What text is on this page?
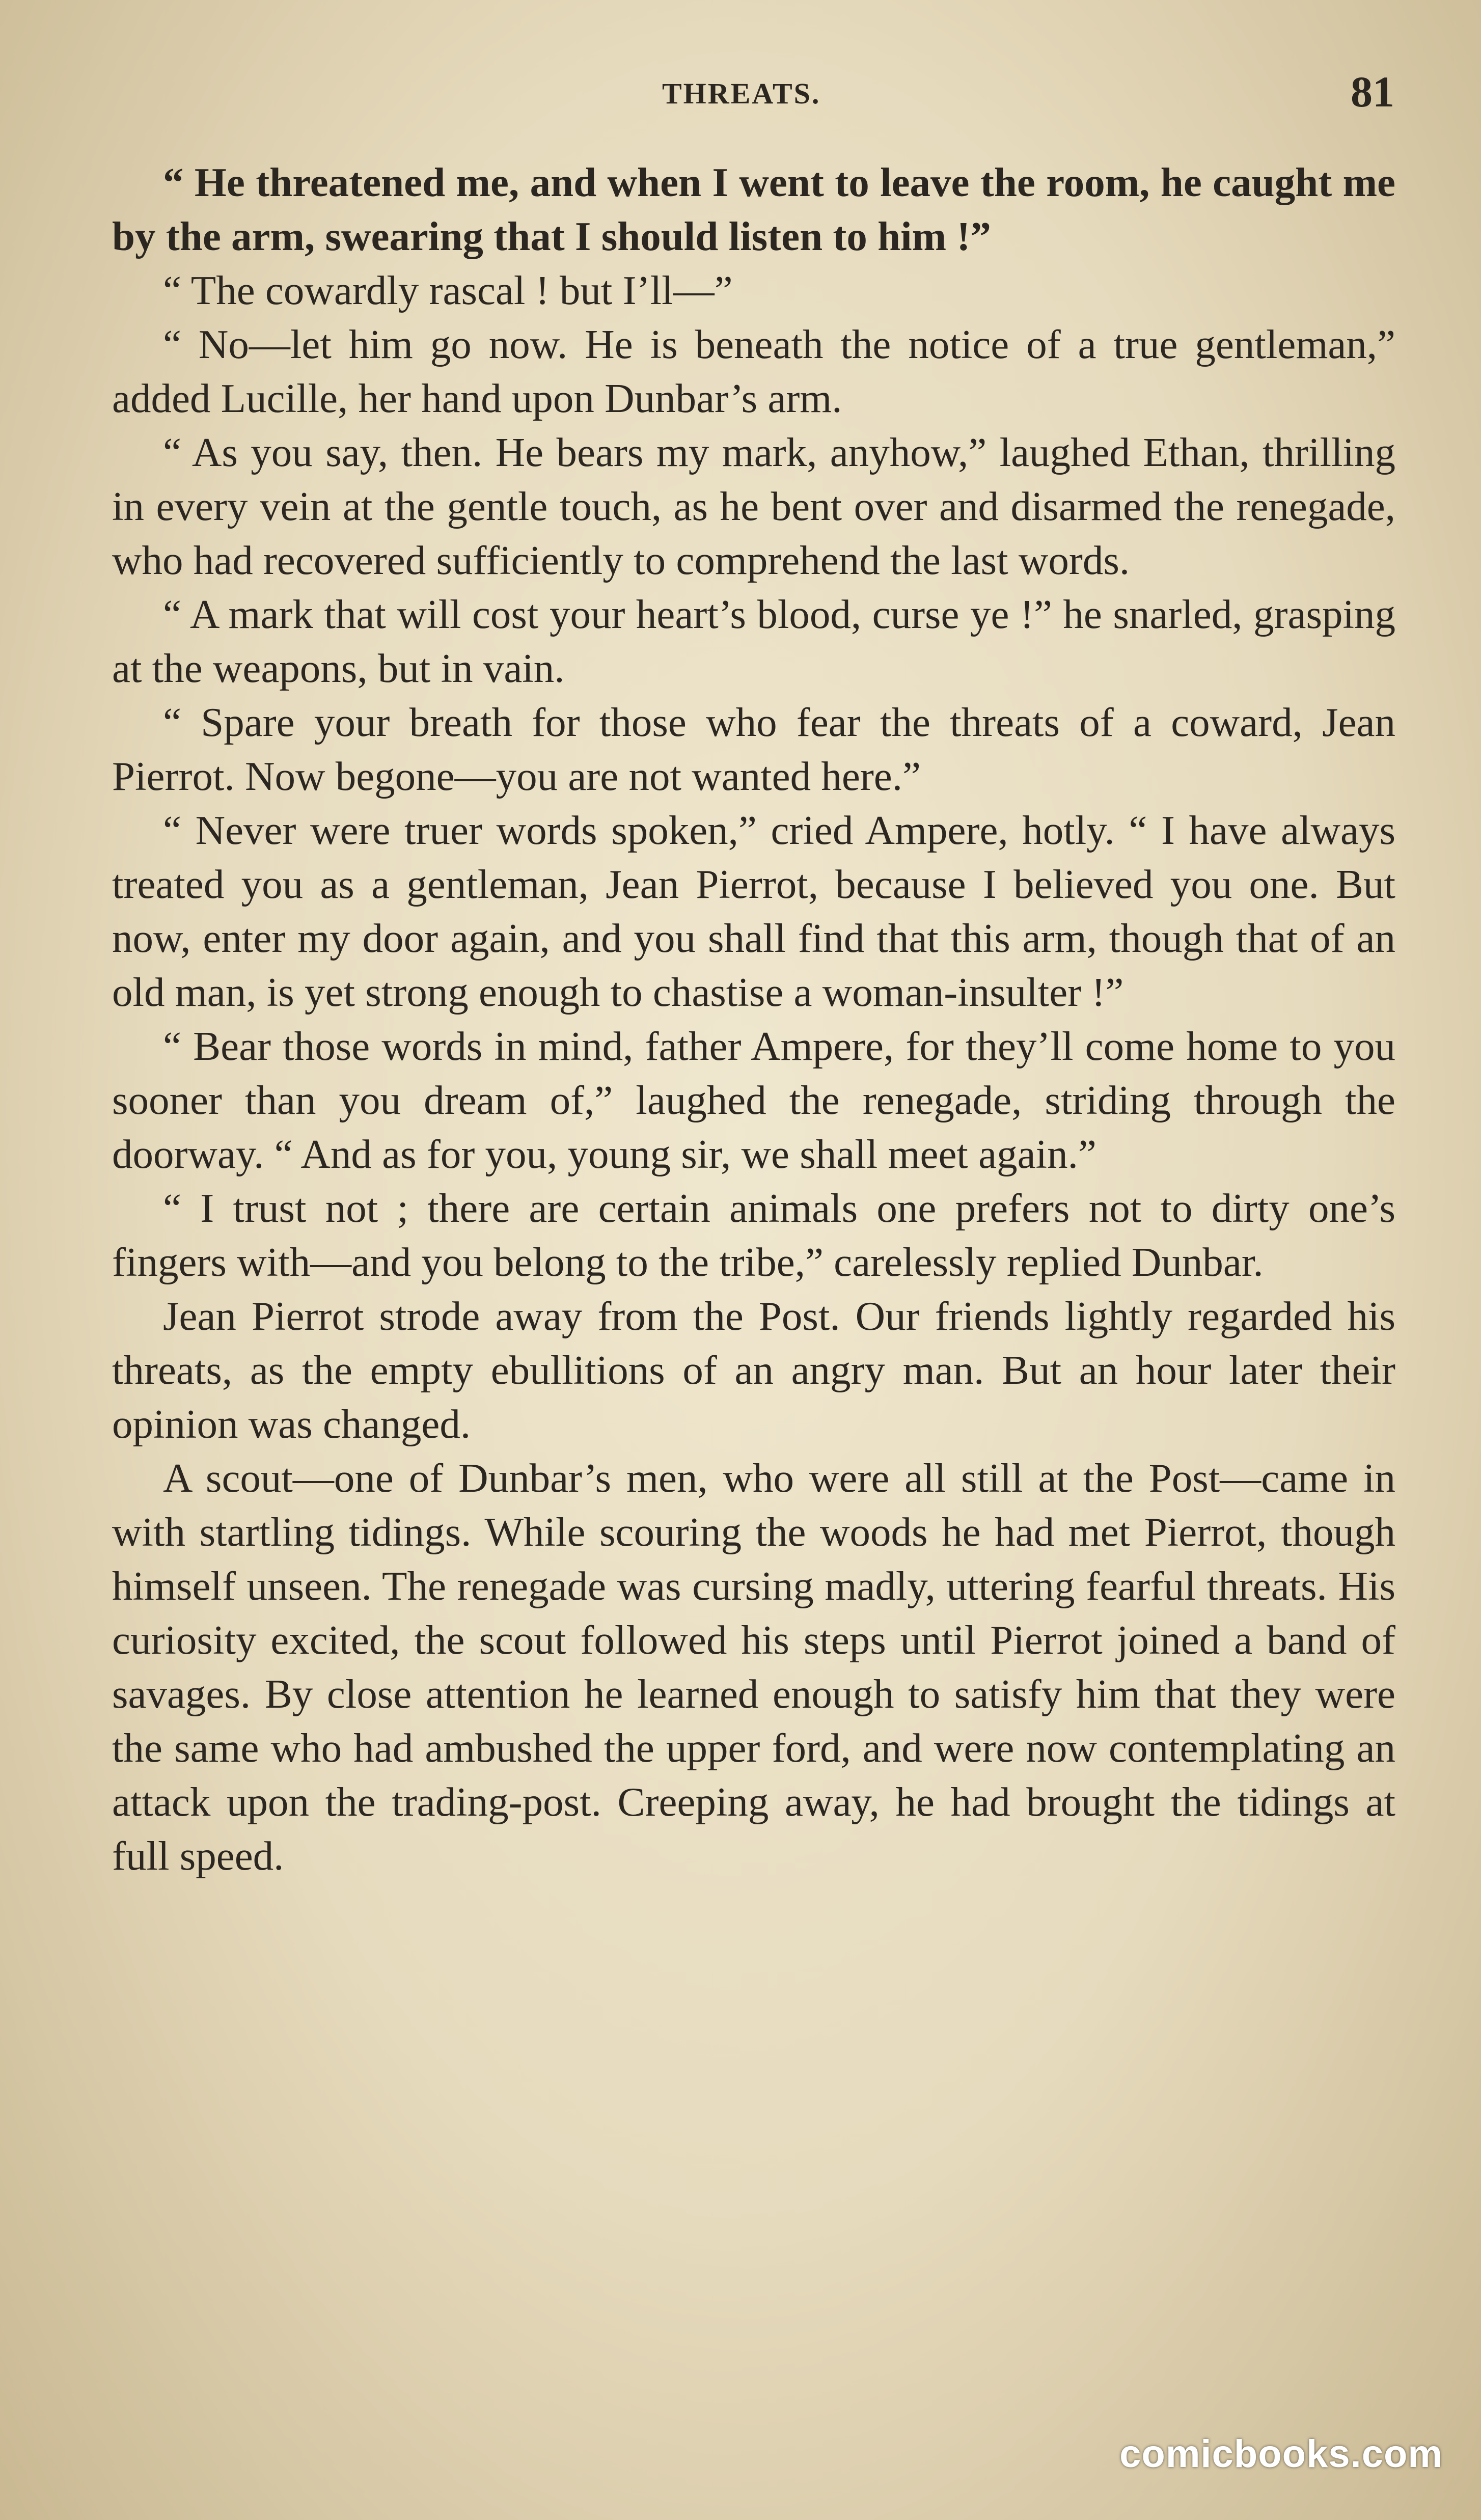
THREATS.	81

“ He threatened me, and when I went to leave the room, he caught me by the arm, swearing that I should listen to him !”

“ The cowardly rascal ! but I’ll—”

“ No—let him go now. He is beneath the notice of a true gentleman,” added Lucille, her hand upon Dunbar’s arm.

“ As you say, then. He bears my mark, anyhow,” laughed Ethan, thrilling in every vein at the gentle touch, as he bent over and disarmed the renegade, who had recovered sufficiently to comprehend the last words.

“ A mark that will cost your heart’s blood, curse ye !” he snarled, grasping at the weapons, but in vain.

“ Spare your breath for those who fear the threats of a coward, Jean Pierrot. Now begone—you are not wanted here.”

“ Never were truer words spoken,” cried Ampere, hotly. “ I have always treated you as a gentleman, Jean Pierrot, because I believed you one. But now, enter my door again, and you shall find that this arm, though that of an old man, is yet strong enough to chastise a woman-insulter !”

“ Bear those words in mind, father Ampere, for they’ll come home to you sooner than you dream of,” laughed the renegade, striding through the doorway. “ And as for you, young sir, we shall meet again.”

“ I trust not ; there are certain animals one prefers not to dirty one’s fingers with—and you belong to the tribe,” carelessly replied Dunbar.

Jean Pierrot strode away from the Post. Our friends lightly regarded his threats, as the empty ebullitions of an angry man. But an hour later their opinion was changed.

A scout—one of Dunbar’s men, who were all still at the Post—came in with startling tidings. While scouring the woods he had met Pierrot, though himself unseen. The renegade was cursing madly, uttering fearful threats. His curiosity excited, the scout followed his steps until Pierrot joined a band of savages. By close attention he learned enough to satisfy him that they were the same who had ambushed the upper ford, and were now contemplating an attack upon the trading-post. Creeping away, he had brought the tidings at full speed.

comicbooks.com
